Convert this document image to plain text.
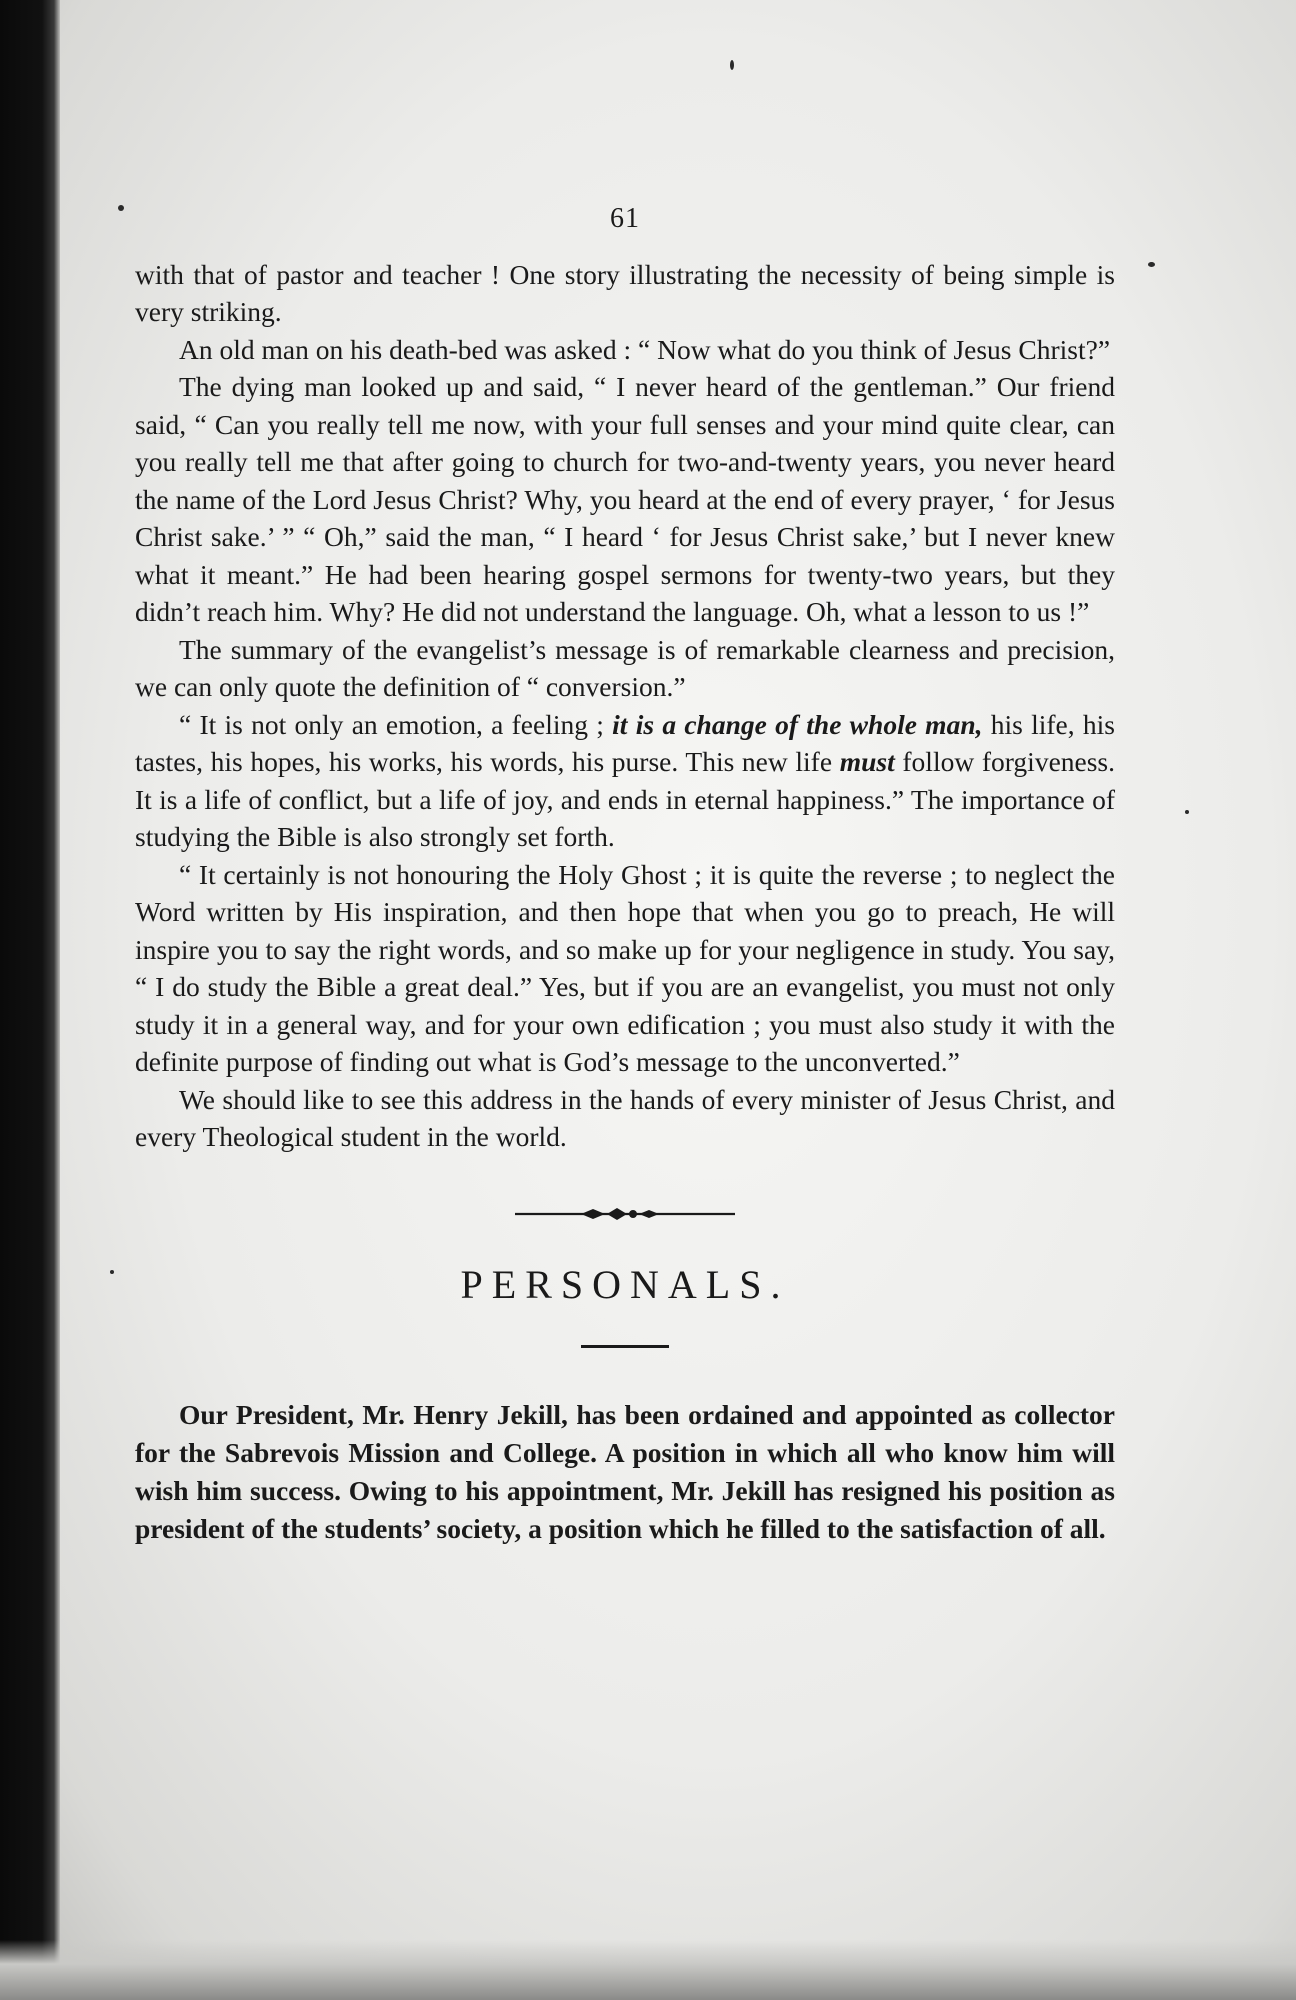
61

with that of pastor and teacher ! One story illustrating the necessity of being simple is very striking.

An old man on his death-bed was asked : “ Now what do you think of Jesus Christ?”

The dying man looked up and said, “ I never heard of the gentleman.” Our friend said, “ Can you really tell me now, with your full senses and your mind quite clear, can you really tell me that after going to church for two-and-twenty years, you never heard the name of the Lord Jesus Christ? Why, you heard at the end of every prayer, ‘ for Jesus Christ sake.’ ” “ Oh,” said the man, “ I heard ‘ for Jesus Christ sake,’ but I never knew what it meant.” He had been hearing gospel sermons for twenty-two years, but they didn’t reach him. Why? He did not understand the language. Oh, what a lesson to us !”

The summary of the evangelist’s message is of remarkable clearness and precision, we can only quote the definition of “ conversion.”

“ It is not only an emotion, a feeling ; it is a change of the whole man, his life, his tastes, his hopes, his works, his words, his purse. This new life must follow forgiveness. It is a life of conflict, but a life of joy, and ends in eternal happiness.” The importance of studying the Bible is also strongly set forth.

“ It certainly is not honouring the Holy Ghost ; it is quite the reverse ; to neglect the Word written by His inspiration, and then hope that when you go to preach, He will inspire you to say the right words, and so make up for your negligence in study. You say, “ I do study the Bible a great deal.” Yes, but if you are an evangelist, you must not only study it in a general way, and for your own edification ; you must also study it with the definite purpose of finding out what is God’s message to the unconverted.”

We should like to see this address in the hands of every minister of Jesus Christ, and every Theological student in the world.

PERSONALS.

Our President, Mr. Henry Jekill, has been ordained and appointed as collector for the Sabrevois Mission and College. A position in which all who know him will wish him success. Owing to his appointment, Mr. Jekill has resigned his position as president of the students’ society, a position which he filled to the satisfaction of all.
